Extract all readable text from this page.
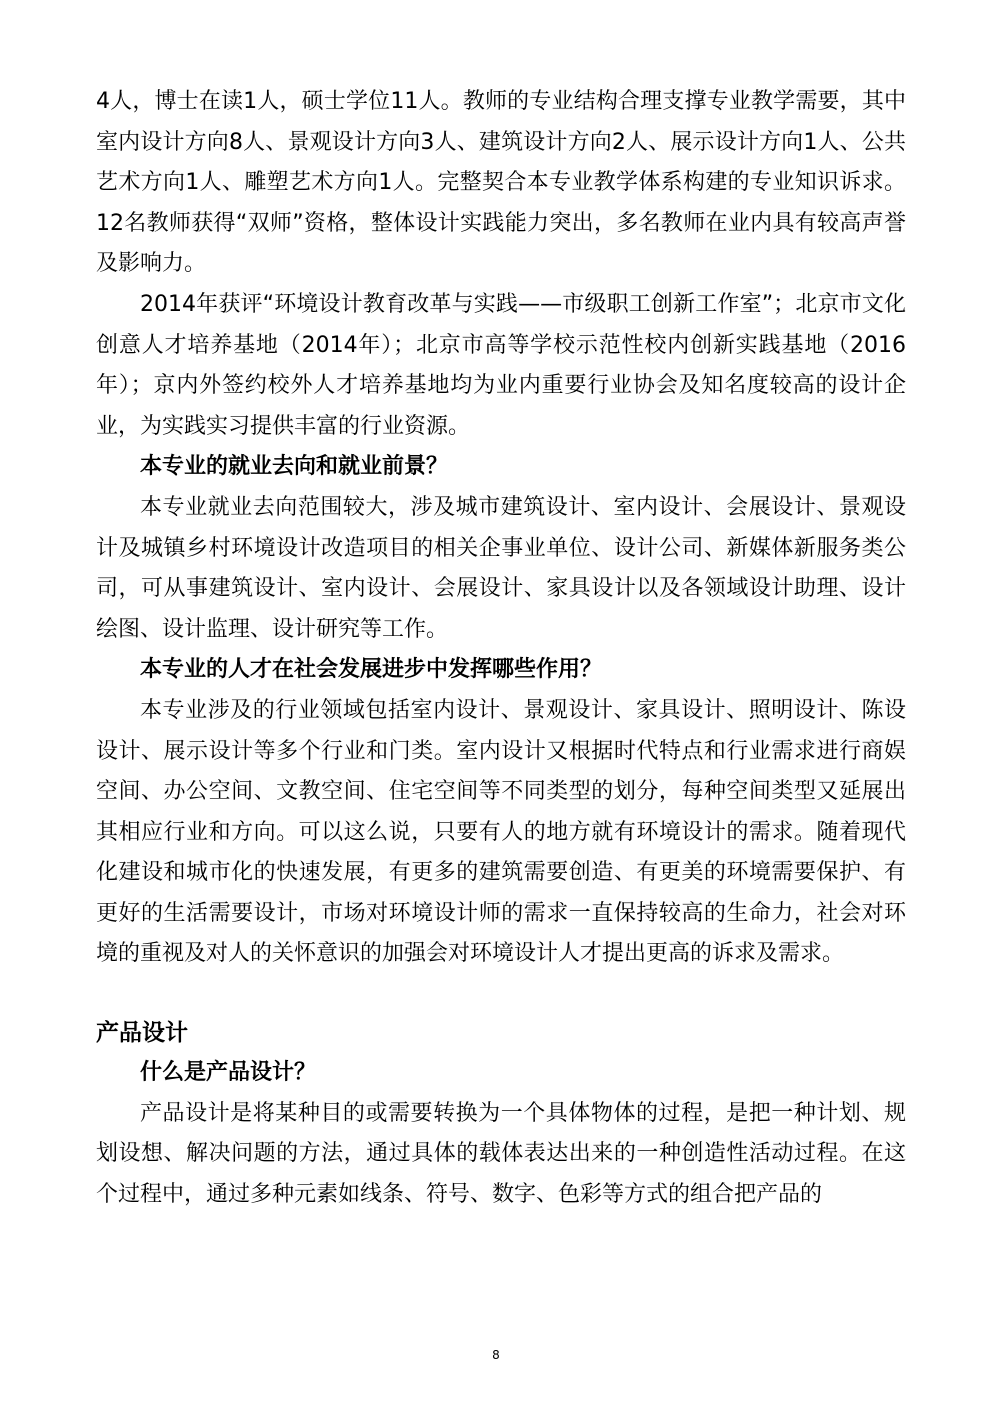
4人，博士在读1人，硕士学位11人。教师的专业结构合理支撑专业教学需要，其中室内设计方向8人、景观设计方向3人、建筑设计方向2人、展示设计方向1人、公共艺术方向1人、雕塑艺术方向1人。完整契合本专业教学体系构建的专业知识诉求。12名教师获得“双师”资格，整体设计实践能力突出，多名教师在业内具有较高声誉及影响力。

2014年获评“环境设计教育改革与实践——市级职工创新工作室”；北京市文化创意人才培养基地（2014年）；北京市高等学校示范性校内创新实践基地（2016年）；京内外签约校外人才培养基地均为业内重要行业协会及知名度较高的设计企业，为实践实习提供丰富的行业资源。

本专业的就业去向和就业前景？

本专业就业去向范围较大，涉及城市建筑设计、室内设计、会展设计、景观设计及城镇乡村环境设计改造项目的相关企事业单位、设计公司、新媒体新服务类公司，可从事建筑设计、室内设计、会展设计、家具设计以及各领域设计助理、设计绘图、设计监理、设计研究等工作。

本专业的人才在社会发展进步中发挥哪些作用？

本专业涉及的行业领域包括室内设计、景观设计、家具设计、照明设计、陈设设计、展示设计等多个行业和门类。室内设计又根据时代特点和行业需求进行商娱空间、办公空间、文教空间、住宅空间等不同类型的划分，每种空间类型又延展出其相应行业和方向。可以这么说，只要有人的地方就有环境设计的需求。随着现代化建设和城市化的快速发展，有更多的建筑需要创造、有更美的环境需要保护、有更好的生活需要设计，市场对环境设计师的需求一直保持较高的生命力，社会对环境的重视及对人的关怀意识的加强会对环境设计人才提出更高的诉求及需求。

产品设计

什么是产品设计？

产品设计是将某种目的或需要转换为一个具体物体的过程，是把一种计划、规划设想、解决问题的方法，通过具体的载体表达出来的一种创造性活动过程。在这个过程中，通过多种元素如线条、符号、数字、色彩等方式的组合把产品的

8
